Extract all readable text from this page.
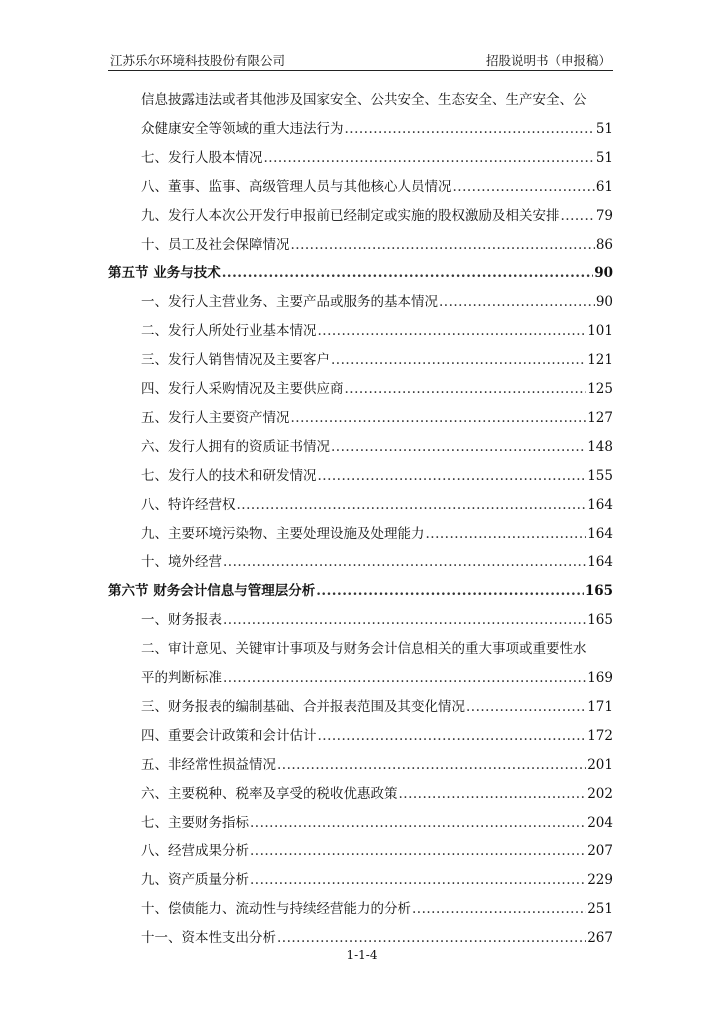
江苏乐尔环境科技股份有限公司	招股说明书（申报稿）
信息披露违法或者其他涉及国家安全、公共安全、生态安全、生产安全、公
众健康安全等领域的重大违法行为 .....	51
七、发行人股本情况 .....	51
八、董事、监事、高级管理人员与其他核心人员情况 .....	61
九、发行人本次公开发行申报前已经制定或实施的股权激励及相关安排 .....	79
十、员工及社会保障情况 .....	86
第五节 业务与技术 .....	90
一、发行人主营业务、主要产品或服务的基本情况 .....	90
二、发行人所处行业基本情况 .....	101
三、发行人销售情况及主要客户 .....	121
四、发行人采购情况及主要供应商 .....	125
五、发行人主要资产情况 .....	127
六、发行人拥有的资质证书情况 .....	148
七、发行人的技术和研发情况 .....	155
八、特许经营权 .....	164
九、主要环境污染物、主要处理设施及处理能力 .....	164
十、境外经营 .....	164
第六节 财务会计信息与管理层分析 .....	165
一、财务报表 .....	165
二、审计意见、关键审计事项及与财务会计信息相关的重大事项或重要性水
平的判断标准 .....	169
三、财务报表的编制基础、合并报表范围及其变化情况 .....	171
四、重要会计政策和会计估计 .....	172
五、非经常性损益情况 .....	201
六、主要税种、税率及享受的税收优惠政策 .....	202
七、主要财务指标 .....	204
八、经营成果分析 .....	207
九、资产质量分析 .....	229
十、偿债能力、流动性与持续经营能力的分析 .....	251
十一、资本性支出分析 .....	267
1-1-4
